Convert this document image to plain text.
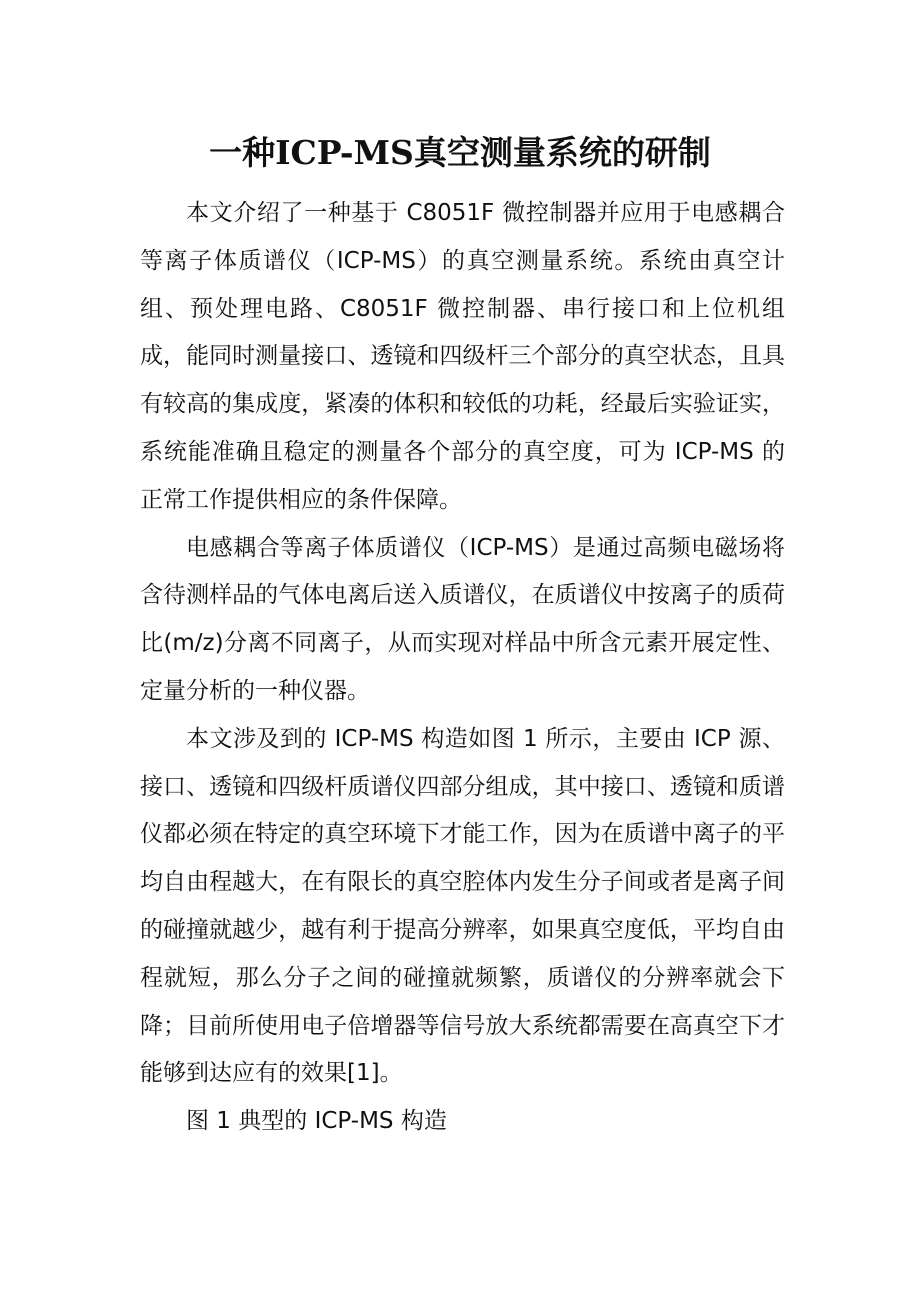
一种ICP-MS真空测量系统的研制

本文介绍了一种基于 C8051F 微控制器并应用于电感耦合等离子体质谱仪（ICP-MS）的真空测量系统。系统由真空计组、预处理电路、C8051F 微控制器、串行接口和上位机组成，能同时测量接口、透镜和四级杆三个部分的真空状态，且具有较高的集成度，紧凑的体积和较低的功耗，经最后实验证实，系统能准确且稳定的测量各个部分的真空度，可为 ICP-MS 的正常工作提供相应的条件保障。

电感耦合等离子体质谱仪（ICP-MS）是通过高频电磁场将含待测样品的气体电离后送入质谱仪，在质谱仪中按离子的质荷比(m/z)分离不同离子，从而实现对样品中所含元素开展定性、定量分析的一种仪器。

本文涉及到的 ICP-MS 构造如图 1 所示，主要由 ICP 源、接口、透镜和四级杆质谱仪四部分组成，其中接口、透镜和质谱仪都必须在特定的真空环境下才能工作，因为在质谱中离子的平均自由程越大，在有限长的真空腔体内发生分子间或者是离子间的碰撞就越少，越有利于提高分辨率，如果真空度低，平均自由程就短，那么分子之间的碰撞就频繁，质谱仪的分辨率就会下降；目前所使用电子倍增器等信号放大系统都需要在高真空下才能够到达应有的效果[1]。

图 1 典型的 ICP-MS 构造
